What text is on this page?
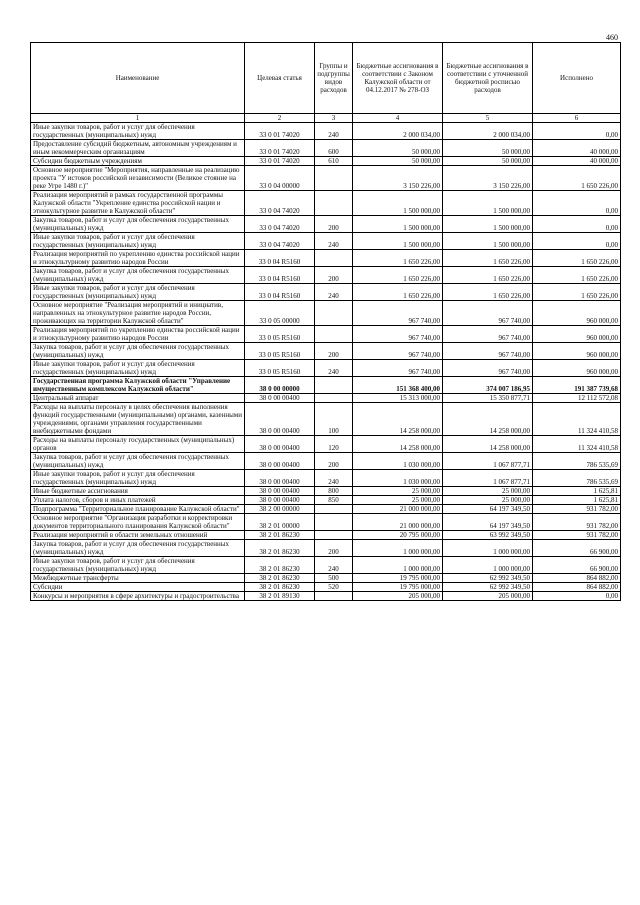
460
Наименование	Целевая статья	Группы и подгруппы видов расходов	Бюджетные ассигнования в соответствии с Законом Калужской области от 04.12.2017 № 278-ОЗ	Бюджетные ассигнования в соответствии с уточненной бюджетной росписью расходов	Исполнено
1	2	3	4	5	6
Иные закупки товаров, работ и услуг для обеспечения государственных (муниципальных) нужд	33 0 01 74020	240	2 000 034,00	2 000 034,00	0,00
Предоставление субсидий бюджетным, автономным учреждениям и иным некоммерческим организациям	33 0 01 74020	600	50 000,00	50 000,00	40 000,00
Субсидии бюджетным учреждениям	33 0 01 74020	610	50 000,00	50 000,00	40 000,00
Основное мероприятие "Мероприятия, направленные на реализацию проекта "У истоков российской независимости (Великое стояние на реке Угре 1480 г.)"	33 0 04 00000		3 150 226,00	3 150 226,00	1 650 226,00
Реализация мероприятий в рамках государственной программы Калужской области "Укрепление единства российской нации и этнокультурное развитие в Калужской области"	33 0 04 74020		1 500 000,00	1 500 000,00	0,00
Закупка товаров, работ и услуг для обеспечения государственных (муниципальных) нужд	33 0 04 74020	200	1 500 000,00	1 500 000,00	0,00
Иные закупки товаров, работ и услуг для обеспечения государственных (муниципальных) нужд	33 0 04 74020	240	1 500 000,00	1 500 000,00	0,00
Реализация мероприятий по укреплению единства российской нации и этнокультурному развитию народов России	33 0 04 R5160		1 650 226,00	1 650 226,00	1 650 226,00
Закупка товаров, работ и услуг для обеспечения государственных (муниципальных) нужд	33 0 04 R5160	200	1 650 226,00	1 650 226,00	1 650 226,00
Иные закупки товаров, работ и услуг для обеспечения государственных (муниципальных) нужд	33 0 04 R5160	240	1 650 226,00	1 650 226,00	1 650 226,00
Основное мероприятие "Реализация мероприятий и инициатив, направленных на этнокультурное развитие народов России, проживающих на территории Калужской области"	33 0 05 00000		967 740,00	967 740,00	960 000,00
Реализация мероприятий по укреплению единства российской нации и этнокультурному развитию народов России	33 0 05 R5160		967 740,00	967 740,00	960 000,00
Закупка товаров, работ и услуг для обеспечения государственных (муниципальных) нужд	33 0 05 R5160	200	967 740,00	967 740,00	960 000,00
Иные закупки товаров, работ и услуг для обеспечения государственных (муниципальных) нужд	33 0 05 R5160	240	967 740,00	967 740,00	960 000,00
Государственная программа Калужской области "Управление имущественным комплексом Калужской области"	38 0 00 00000		151 368 400,00	374 007 186,95	191 387 739,68
Центральный аппарат	38 0 00 00400		15 313 000,00	15 350 877,71	12 112 572,08
Расходы на выплаты персоналу в целях обеспечения выполнения функций государственными (муниципальными) органами, казенными учреждениями, органами управления государственными внебюджетными фондами	38 0 00 00400	100	14 258 000,00	14 258 000,00	11 324 410,58
Расходы на выплаты персоналу государственных (муниципальных) органов	38 0 00 00400	120	14 258 000,00	14 258 000,00	11 324 410,58
Закупка товаров, работ и услуг для обеспечения государственных (муниципальных) нужд	38 0 00 00400	200	1 030 000,00	1 067 877,71	786 535,69
Иные закупки товаров, работ и услуг для обеспечения государственных (муниципальных) нужд	38 0 00 00400	240	1 030 000,00	1 067 877,71	786 535,69
Иные бюджетные ассигнования	38 0 00 00400	800	25 000,00	25 000,00	1 625,81
Уплата налогов, сборов и иных платежей	38 0 00 00400	850	25 000,00	25 000,00	1 625,81
Подпрограмма "Территориальное планирование Калужской области"	38 2 00 00000		21 000 000,00	64 197 349,50	931 782,00
Основное мероприятие "Организация разработки и корректировки документов территориального планирования Калужской области"	38 2 01 00000		21 000 000,00	64 197 349,50	931 782,00
Реализация мероприятий в области земельных отношений	38 2 01 86230		20 795 000,00	63 992 349,50	931 782,00
Закупка товаров, работ и услуг для обеспечения государственных (муниципальных) нужд	38 2 01 86230	200	1 000 000,00	1 000 000,00	66 900,00
Иные закупки товаров, работ и услуг для обеспечения государственных (муниципальных) нужд	38 2 01 86230	240	1 000 000,00	1 000 000,00	66 900,00
Межбюджетные трансферты	38 2 01 86230	500	19 795 000,00	62 992 349,50	864 882,00
Субсидии	38 2 01 86230	520	19 795 000,00	62 992 349,50	864 882,00
Конкурсы и мероприятия в сфере архитектуры и градостроительства	38 2 01 89130		205 000,00	205 000,00	0,00
